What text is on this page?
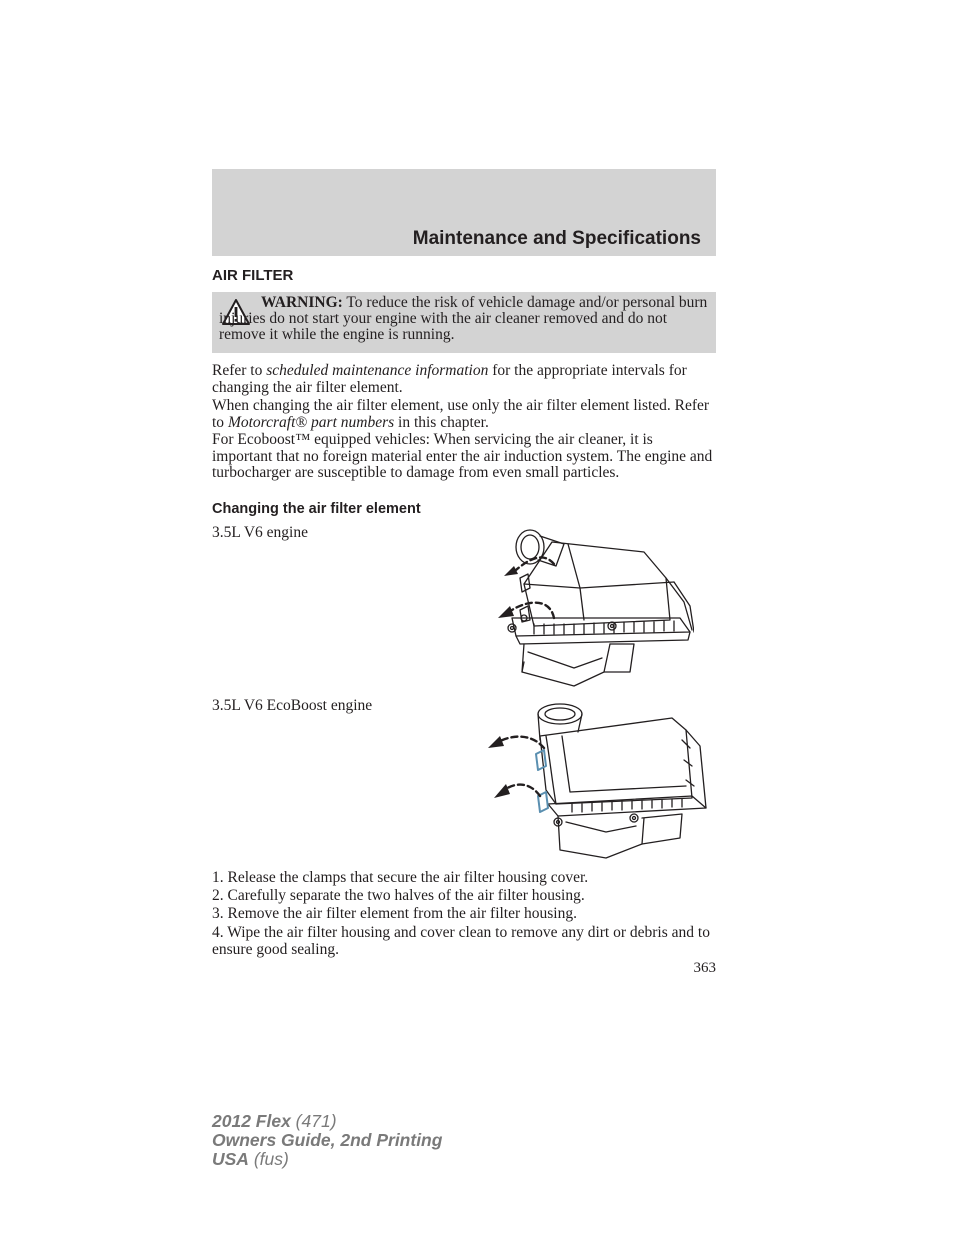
Maintenance and Specifications
AIR FILTER

WARNING: To reduce the risk of vehicle damage and/or personal burn injuries do not start your engine with the air cleaner removed and do not remove it while the engine is running.

Refer to scheduled maintenance information for the appropriate intervals for changing the air filter element.

When changing the air filter element, use only the air filter element listed. Refer to Motorcraft® part numbers in this chapter.

For Ecoboost™ equipped vehicles: When servicing the air cleaner, it is important that no foreign material enter the air induction system. The engine and turbocharger are susceptible to damage from even small particles.

Changing the air filter element
3.5L V6 engine
3.5L V6 EcoBoost engine

1. Release the clamps that secure the air filter housing cover.

2. Carefully separate the two halves of the air filter housing.

3. Remove the air filter element from the air filter housing.

4. Wipe the air filter housing and cover clean to remove any dirt or debris and to ensure good sealing.

363
2012 Flex (471)
Owners Guide, 2nd Printing
USA (fus)
